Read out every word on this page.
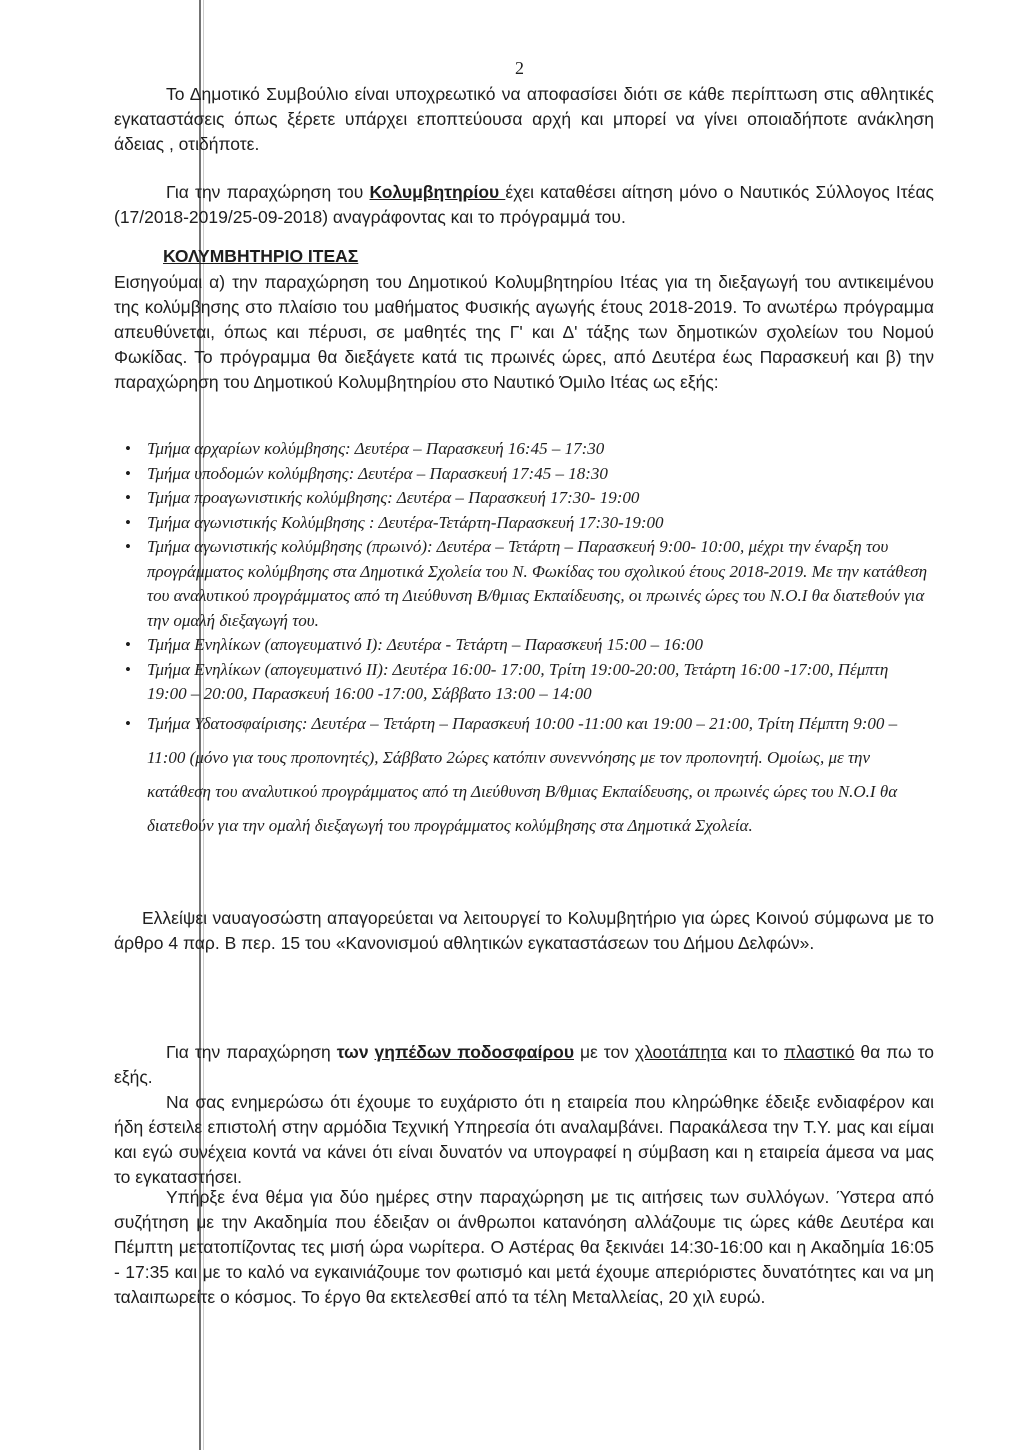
2

Το Δημοτικό Συμβούλιο είναι υποχρεωτικό να αποφασίσει διότι σε κάθε περίπτωση στις αθλητικές εγκαταστάσεις όπως ξέρετε υπάρχει εποπτεύουσα αρχή και μπορεί να γίνει οποιαδήποτε ανάκληση άδειας , οτιδήποτε.

Για την παραχώρηση του Κολυμβητηρίου έχει καταθέσει αίτηση μόνο ο Ναυτικός Σύλλογος Ιτέας (17/2018-2019/25-09-2018) αναγράφοντας και το πρόγραμμά του.

ΚΟΛΥΜΒΗΤΗΡΙΟ ΙΤΕΑΣ

Εισηγούμαι α) την παραχώρηση του Δημοτικού Κολυμβητηρίου Ιτέας για τη διεξαγωγή του αντικειμένου της κολύμβησης στο πλαίσιο του μαθήματος Φυσικής αγωγής έτους 2018-2019. Το ανωτέρω πρόγραμμα απευθύνεται, όπως και πέρυσι, σε μαθητές της Γ' και Δ' τάξης των δημοτικών σχολείων του Νομού Φωκίδας. Το πρόγραμμα θα διεξάγετε κατά τις πρωινές ώρες, από Δευτέρα έως Παρασκευή και β) την παραχώρηση του Δημοτικού Κολυμβητηρίου στο Ναυτικό Όμιλο Ιτέας ως εξής:

• Τμήμα αρχαρίων κολύμβησης: Δευτέρα – Παρασκευή 16:45 – 17:30
• Τμήμα υποδομών κολύμβησης: Δευτέρα – Παρασκευή 17:45 – 18:30
• Τμήμα προαγωνιστικής κολύμβησης: Δευτέρα – Παρασκευή 17:30- 19:00
• Τμήμα αγωνιστικής Κολύμβησης : Δευτέρα-Τετάρτη-Παρασκευή 17:30-19:00
• Τμήμα αγωνιστικής κολύμβησης (πρωινό): Δευτέρα – Τετάρτη – Παρασκευή 9:00- 10:00, μέχρι την έναρξη του προγράμματος κολύμβησης στα Δημοτικά Σχολεία του Ν. Φωκίδας του σχολικού έτους 2018-2019. Με την κατάθεση του αναλυτικού προγράμματος από τη Διεύθυνση Β/θμιας Εκπαίδευσης, οι πρωινές ώρες του Ν.Ο.Ι θα διατεθούν για την ομαλή διεξαγωγή του.
• Τμήμα Ενηλίκων (απογευματινό Ι): Δευτέρα - Τετάρτη – Παρασκευή 15:00 – 16:00
• Τμήμα Ενηλίκων (απογευματινό ΙΙ): Δευτέρα 16:00- 17:00, Τρίτη 19:00-20:00, Τετάρτη 16:00 -17:00, Πέμπτη 19:00 – 20:00, Παρασκευή 16:00 -17:00, Σάββατο 13:00 – 14:00
• Τμήμα Υδατοσφαίρισης: Δευτέρα – Τετάρτη – Παρασκευή 10:00 -11:00 και 19:00 – 21:00, Τρίτη Πέμπτη 9:00 – 11:00 (μόνο για τους προπονητές), Σάββατο 2ώρες κατόπιν συνεννόησης με τον προπονητή. Ομοίως, με την κατάθεση του αναλυτικού προγράμματος από τη Διεύθυνση Β/θμιας Εκπαίδευσης, οι πρωινές ώρες του Ν.Ο.Ι θα διατεθούν για την ομαλή διεξαγωγή του προγράμματος κολύμβησης στα Δημοτικά Σχολεία.

Ελλείψει ναυαγοσώστη απαγορεύεται να λειτουργεί το Κολυμβητήριο για ώρες Κοινού σύμφωνα με το άρθρο 4 παρ. Β περ. 15 του «Κανονισμού αθλητικών εγκαταστάσεων του Δήμου Δελφών».

Για την παραχώρηση των γηπέδων ποδοσφαίρου με τον χλοοτάπητα και το πλαστικό θα πω το εξής.

Να σας ενημερώσω ότι έχουμε το ευχάριστο ότι η εταιρεία που κληρώθηκε έδειξε ενδιαφέρον και ήδη έστειλε επιστολή στην αρμόδια Τεχνική Υπηρεσία ότι αναλαμβάνει. Παρακάλεσα την Τ.Υ. μας και είμαι και εγώ συνέχεια κοντά να κάνει ότι είναι δυνατόν να υπογραφεί η σύμβαση και η εταιρεία άμεσα να μας το εγκαταστήσει.

Υπήρξε ένα θέμα για δύο ημέρες στην παραχώρηση με τις αιτήσεις των συλλόγων. Ύστερα από συζήτηση με την Ακαδημία που έδειξαν οι άνθρωποι κατανόηση αλλάζουμε τις ώρες κάθε Δευτέρα και Πέμπτη μετατοπίζοντας τες μισή ώρα νωρίτερα. Ο Αστέρας θα ξεκινάει 14:30-16:00 και η Ακαδημία 16:05 - 17:35 και με το καλό να εγκαινιάζουμε τον φωτισμό και μετά έχουμε απεριόριστες δυνατότητες και να μη ταλαιπωρείτε ο κόσμος. Το έργο θα εκτελεσθεί από τα τέλη Μεταλλείας, 20 χιλ ευρώ.
